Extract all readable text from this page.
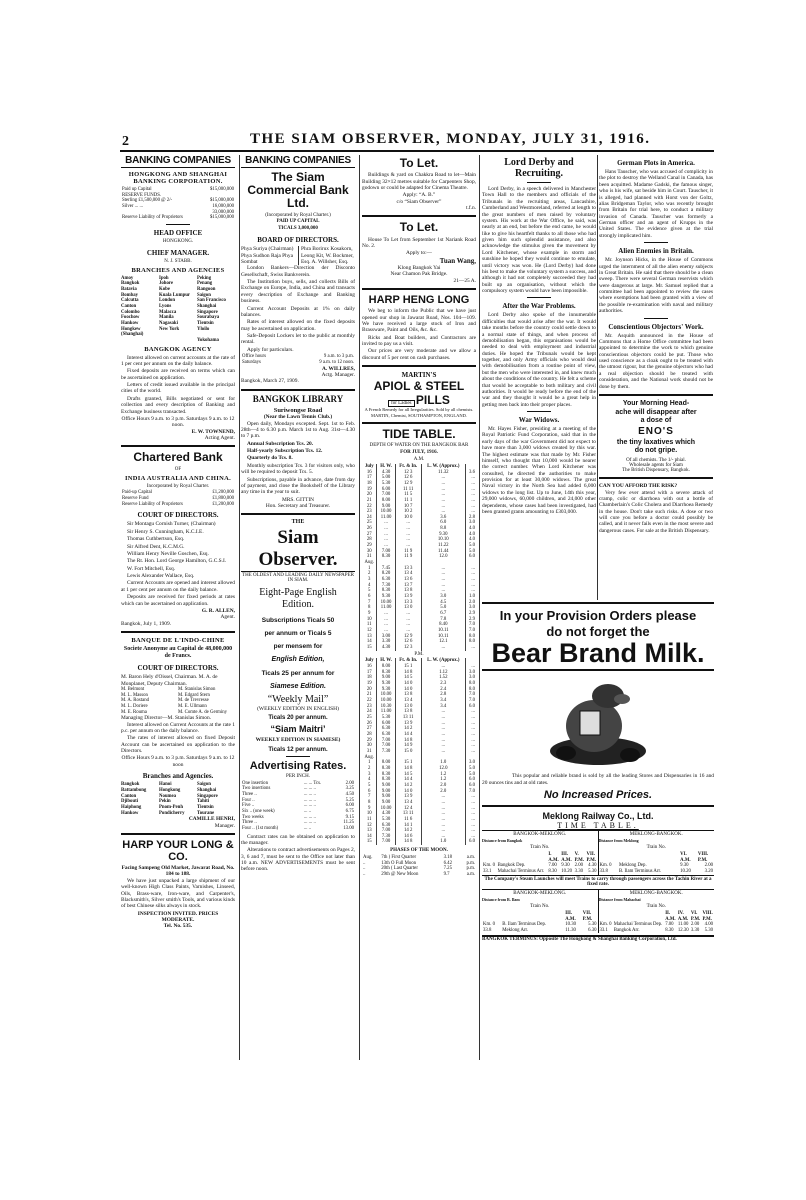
2	THE SIAM OBSERVER, MONDAY, JULY 31, 1916.
BANKING COMPANIES
HONGKONG AND SHANGHAI BANKING CORPORATION.
Paid up Capital	$15,000,000
RESERVE FUNDS.	
Sterling £1,500,000 @ 2/-	$15,000,000
Silver ... ...	16,000,000
	33,000,000
Reserve Liability of Proprietors	$15,000,000
HEAD OFFICE
HONGKONG.
CHIEF MANAGER.
N. J. STABB.
BRANCHES AND AGENCIES
Amoy	Ipoh	Peking
Bangkok	Johore	Penang
Batavia	Kobe	Rangoon
Bombay	Kuala Lumpur	Saigon
Calcutta	London	San Francisco
Canton	Lyons	Shanghai
Colombo	Malacca	Singapore
Foochow	Manila	Sourabaya
Hankow	Nagasaki	Tientsin
Hongkew (Shanghai)
New York	Yloilo
Yokohama
BANGKOK AGENCY

Interest allowed on current accounts at the rate of 1 per cent per annum on the daily balance.

Fixed deposits are received on terms which can be ascertained on application.

Letters of credit issued available in the principal cities of the world.

Drafts granted, Bills negotiated or sent for collection and every description of Banking and Exchange business transacted.

Office Hours 9 a.m. to 3 p.m. Saturdays 9 a.m. to 12 noon.
E. W. TOWNEND,
Acting Agent.
Chartered Bank
OF
INDIA AUSTRALIA AND CHINA.
Incorporated by Royal Charter.
Paid-up Capital	£1,200,000
Reserve Fund	£1,800,000
Reserve Liability of Proprietors	£1,200,000
COURT OF DIRECTORS.

Sir Montagu Cornish Turner, (Chairman)

Sir Henry S. Cunningham, K.C.I.E.

Thomas Cuthbertson, Esq.

Sir Alfred Dent, K.C.M.G.

William Henry Neville Goschen, Esq.

The Rt. Hon. Lord George Hamilton, G.C.S.I.

W. Fort Mitchell, Esq.

Lewis Alexander Wallace, Esq.

Current Accounts are opened and interest allowed at 1 per cent per annum on the daily balance.

Deposits are received for fixed periods at rates which can be ascertained on application.

G. R. ALLEN,
Agent.
Bangkok, July 1, 1909.
BANQUE DE L'INDO-CHINE
Societe Anonyme au Capital de 48,000,000 de Francs.
COURT OF DIRECTORS.
M. Baron Hely d'Oissel, Chairman. M. A. de Monplanet, Deputy Chairman.
M. Belmont	M. Stanislas Simon
M. L. Masson	M. Edgard Stern
M. A. Rostand	M. de Trevresse
M. L. Doriere	M. E. Ullmann
M. E. Rouma	M. Comte A. de Germiny
Managing Director—M. Stanislas Simon.

Interest allowed on Current Accounts at the rate 1 p.c. per annum on the daily balance.

The rates of interest allowed on fixed Deposit Account can be ascertained on application to the Directors.

Office Hours 9 a.m. to 3 p.m. Saturdays 9 a.m. to 12 noon
Branches and Agencies.
Bangkok	Hanoi	Saigon
Battambong	Hongkong	Shanghai
Canton	Noumea	Singapore
Djibouti	Pekin	Tahiti
Haiphong	Pnom-Penh	Tientsin
Hankow	Pondicherry	Tourane
CAMILLE HENRI,
Manager.
HARP YOUR LONG & CO.
Facing Sampeng Old Market, Jawarat Road, No. 184 to 188.

We have just unpacked a large shipment of our well-known High Class Paints, Varnishes, Linseed, Oils, Brass-ware, Iron-ware, and Carpenter's, Blacksmith's, Silver smith's Tools, and various kinds of best Chinese silks always in stock.

INSPECTION INVITED. PRICES MODERATE.
Tel. No. 535.
BANKING COMPANIES
The Siam Commercial Bank Ltd.
(Incorporated by Royal Charter.)
PAID UP CAPITAL
TICALS 3,000,000
BOARD OF DIRECTORS.
Phya Suriya (Chairman) Phya Sudhon Raja Phya Sombat
Phra Borirux Kosakorn, Leong Kit, W. Bockmer, Esq. A. Willsher, Esq.

London Bankers—Direction der Disconto Gesellschaft, Swiss Bankverein.

The Institution buys, sells, and collects Bills of Exchange on Europe, India, and China and transacts every description of Exchange and Banking business.

Current Account Deposits at 1% on daily balances.

Rates of interest allowed on the fixed deposits may be ascertained on application.

Safe-Deposit Lockers let to the public at monthly rental.

Apply for particulars.

Office hours	9 a.m. to 3 p.m.
Saturdays	9 a.m. to 12 noon.
A. WILLRES,
Actg. Manager.
Bangkok, March 27, 1909.
BANGKOK LIBRARY
Suriwongse Road
(Near the Lawn Tennis Club.)

Open daily, Mondays excepted. Sept. 1st to Feb. 28th—4 to 6.30 p.m. March 1st to Aug. 31st—4.30 to 7 p.m.

Annual Subscription Tcs. 20.

Half-yearly Subscription Tcs. 12.

Quarterly do Tcs. 8.

Monthly subscription Tcs. 3 for visitors only, who will be required to deposit Tcs. 5.

Subscriptions, payable in advance, date from day of payment, and close the Bookshelf of the Library any time in the year to suit.

MRS. GITTIN
Hon. Secretary and Treasurer.
THE
Siam Observer.
THE OLDEST AND LEADING DAILY NEWSPAPER IN SIAM.
Eight-Page English
Edition.
Subscriptions Ticals 50
per annum or Ticals 5
per mensem for
English Edition,
Ticals 25 per annum for
Siamese Edition.
“Weekly Mail”
(WEEKLY EDITION IN ENGLISH)
Ticals 20 per annum.
“Siam Maitri’
WEEKLY EDITION IN SIAMESE)
Ticals 12 per annum.
Advertising Rates.
PER INCH.
One insertion	... ... Tcs.	2.00
Two insertions	... ... ..	3.25
Three ..	... ... ..	4.50
Four ..	... ... ..	5.25
Five ..	... ... ..	6.00
Six .. (one week)	... ..	6.75
Two weeks	... ... ..	9.15
Three ..	... ... ..	11.25
Four .. (1st month)	... ..	13.00

Contract rates can be obtained on application to the manager.

Alterations to contract advertisements on Pages 2, 3, 6 and 7, must be sent to the Office not later than 10 a.m. NEW ADVERTISEMENTS must be sent before noon.

To Let.

Buildings & yard on Chakkra Road to let—Main Building 32×12 metres suitable for Carpenters Shop, godown or could be adapted for Cinema Theatre.

Apply: “A. B.”
c/o “Siam Observer”
t.f.n.
To Let.

House To Let from September 1st Nariank Road No. 2.

Apply to:—
Tuan Wang,
Klong Bangkok Yai
Near Chamon Pak Bridge.
21—25 A.
HARP HENG LONG

We beg to inform the Public that we have just opened our shop in Jawarat Road, Nos. 104—109. We have received a large stock of Iron and Brassware, Paint and Oils, &c. &c.

Ricks and Boat builders, and Contractors are invited to pay us a visit.

Our prices are very moderate and we allow a discount of 5 per cent on cash purchases.

MARTIN'S
APIOL & STEEL
for Ladies PILLS
A French Remedy for all Irregularities. Sold by all chemists. MARTIN, Chemist, SOUTHAMPTON, ENGLAND.
TIDE TABLE.
DEPTH OF WATER ON THE BANGKOK BAR
FOR JULY, 1916.
A.M.
July	H. W.	Ft. & In.	L. W. (Approx.)	
16	4.30	12 3	11.32	3.6
17	5.00	12 6	...	...
18	5.30	12 9	...	...
19	6.00	11 11	...	...
20	7.00	11 5	...	...
21	8.00	11 1	...	...
22	9.00	10 7	...	...
23	10.00	10 2	...	...
24	11.00	10 0	3.6	2.8
25	...	...	6.0	3.0
26	...	...	8.8	4.0
27	...	...	9.30	4.0
28	...	...	10.10	4.0
29	...	...	11.22	5.0
30	7.00	11 9	11.44	5.0
31	8.30	11 9	12.0	6.0
Aug.				
1	7.45	13 3	...	...
2	8.20	13 4	...	...
3	6.30	13 6	...	...
4	7.30	13 7	...	...
5	8.30	13 8	...	...
6	9.30	13 9	3.0	1.0
7	10.00	13 3	4.5	2.0
8	11.00	13 0	5.0	3.0
9	...	...	6.7	2.9
10	...	...	7.8	2.9
11	...	...	8.40	7.0
12	...	...	10.11	7.0
13	3.00	12 9	10.11	8.0
14	3.30	12 6	12.1	8.0
15	4.30	12 3	...	...
P.M.
July	H. W.	Ft. & In.	L. W. (Approx.)	
16	8.00	15 1	...	...
17	8.30	14 8	1.12	3.0
18	9.00	14 5	1.52	3.0
19	9.30	14 0	2.3	8.0
20	9.30	14 0	2.4	8.0
21	10.00	13 8	2.8	7.0
22	10.00	13 4	3.4	7.0
23	10.30	13 0	3.4	6.0
24	11.00	13 8	...	...
25	5.30	13 11	...	...
26	6.00	13 9	...	...
27	6.30	14 2	...	...
28	6.30	14 4	...	...
29	7.00	14 8	...	...
30	7.00	14 9	...	...
31	7.30	15 0	...	...
Aug.				
1	8.00	15 1	1.0	3.0
2	8.30	14 8	12.0	5.0
3	8.30	14 5	1.2	5.0
4	8.30	14 4	1.2	6.0
5	9.00	14 2	2.0	6.0
6	9.00	14 0	2.0	7.0
7	9.00	13 9	...	...
8	9.00	13 4	...	...
9	10.00	12 4	...	...
10	4.30	13 11	...	...
11	5.30	11 6	...	...
12	6.30	14 1	...	...
13	7.00	14 2	...	...
14	7.30	14 6	...	...
15	7.00	14 8	1.0	6.0
PHASES OF THE MOON.
Aug.	7th ) First Quarter	3.18	a.m.
..	13th O Full Moon	6.42	p.m.
..	20th ( Last Quarter	7.25	p.m.
..	29th @ New Moon	9.7	a.m.
Lord Derby and Recruiting.

Lord Derby, in a speech delivered in Manchester Town Hall to the members and officials of the Tribunals in the recruiting areas, Lancashire, Cumberland and Westmoreland, referred at length to the great numbers of men raised by voluntary system. His work at the War Office, he said, was nearly at an end, but before the end came, he would like to give his heartfelt thanks to all those who had given him such splendid assistance, and also acknowledge the stimulus given the movement by Lord Kitchener, whose example in storm and sunshine he hoped they would continue to emulate, until victory was won. He (Lord Derby) had done his best to make the voluntary system a success, and although it had not completely succeeded they had built up an organisation, without which the compulsory system would have been impossible.

After the War Problems.

Lord Derby also spoke of the innumerable difficulties that would arise after the war. It would take months before the country could settle down to a normal state of things, and when process of demobilisation began, this organisations would be needed to deal with employment and industrial duties. He hoped the Tribunals would be kept together, and only Army officials who would deal with demobilisation from a routine point of view, but the men who were interested in, and knew much about the conditions of the country. He felt a scheme that would be acceptable to both military and civil authorities. It would be ready before the end of the war and they thought it would be a great help in getting men back into their proper places.

War Widows.

Mr. Hayes Fisher, presiding at a meeting of the Royal Patriotic Fund Corporation, said that in the early days of the war Government did not expect to have more than 3,000 widows created by this war. The highest estimate was that made by Mr. Fisher himself, who thought that 10,000 would be nearer the correct number. When Lord Kitchener was consulted, he directed the authorities to make provision for at least 30,000 widows. The great Naval victory in the North Sea had added 6,000 widows to the long list. Up to June, 14th this year, 29,000 widows, 60,000 children, and 24,000 other dependents, whose cases had been investigated, had been granted grants amounting to £303,000.

German Plots in America.

Hans Tauscher, who was accused of complicity in the plot to destroy the Welland Canal in Canada, has been acquitted. Madame Gadski, the famous singer, who is his wife, sat beside him in Court. Tauscher, it is alleged, had planned with Horst von der Goltz, alias Bridgeman Taylor, who was recently brought from Britain for trial here, to conduct a military invasion of Canada. Tauscher was formerly a German officer and an agent of Krupps in the United States. The evidence given at the trial strongly implicated him.

Alien Enemies in Britain.

Mr. Joynson Hicks, in the House of Commons urged the internment of all the alien enemy subjects in Great Britain. He said that there should be a clean sweep. There were several German reservists which were dangerous at large. Mr. Samuel replied that a committee had been appointed to review the cases where exemptions had been granted with a view of the possible re-examination with naval and military authorities.

Conscientious Objectors' Work.

Mr. Asquith announced in the House of Commons that a Home Office committee had been appointed to determine the work to which genuine conscientious objectors could be put. Those who used conscience as a cloak ought to be treated with the utmost rigour, but the genuine objectors who had a real objection should be treated with consideration, and the National work should not be done by them.

Your Morning Head-
ache will disappear after
a dose of
ENO'S
the tiny laxatives which
do not gripe.
Of all chemists. The 1/- phial.
Wholesale agents for Siam
The British Dispensary, Bangkok.
CAN YOU AFFORD THE RISK?

Very few ever attend with a severe attack of cramp, colic or diarrhoea with out a bottle of Chamberlain's Colic Cholera and Diarrhoea Remedy in the house. Don't take such risks. A dose or two will cure you before a doctor could possibly be called, and it never fails even in the most severe and dangerous cases. For sale at the British Dispensary.

In your Provision Orders please
do not forget the
Bear Brand Milk.

This popular and reliable brand is sold by all the leading Stores and Dispensaries in 16 and 20 ounces tins and at old rates.

No Increased Prices.
Meklong Railway Co., Ltd.
TIME TABLE.
BANGKOK-MEKLONG.
Distance from Bangkok
Train No.
		I.	III.	V.	VII.
		A.M.	A.M.	P.M.	P.M.
Km. 0	Bangkok Dep.	7.00	9.30	2.00	4.30
33.1	Mahachai Terminus Arr.	8.30	10.20	3.30	5.30
MEKLONG-BANGKOK.
Distance from Meklong
Train No.
		VI.	VIII.
		A.M.	P.M.
Km. 0	Meklong Dep.	9.30	2.00
33.8	B. Ilam Terminus Arr.	10.20	3.20
The Company's Steam Launches will meet Trains to carry through passengers across the Tachin River at a fixed rate.
BANGKOK-MEKLONG.
Distance from B. Ilam
Train No.
		III.	VII.
		A.M.	P.M.
Km. 0	B. Ilam Terminus Dep.	10.30	5.30
33.8	Meklong Arr.	11.30	6.30
MEKLONG-BANGKOK.
Distance from Mahachai
Train No.
		II.	IV.	VI.	VIII.
		A.M.	A.M.	P.M.	P.M.
Km. 0	Mahachai Terminus Dep.	7.00	11.00	2.00	4.00
33.1	Bangkok Arr.	8.30	12.30	3.30	5.30
BANGKOK TERMINUS: Opposite The Hongkong & Shanghai Banking Corporation, Ltd.
